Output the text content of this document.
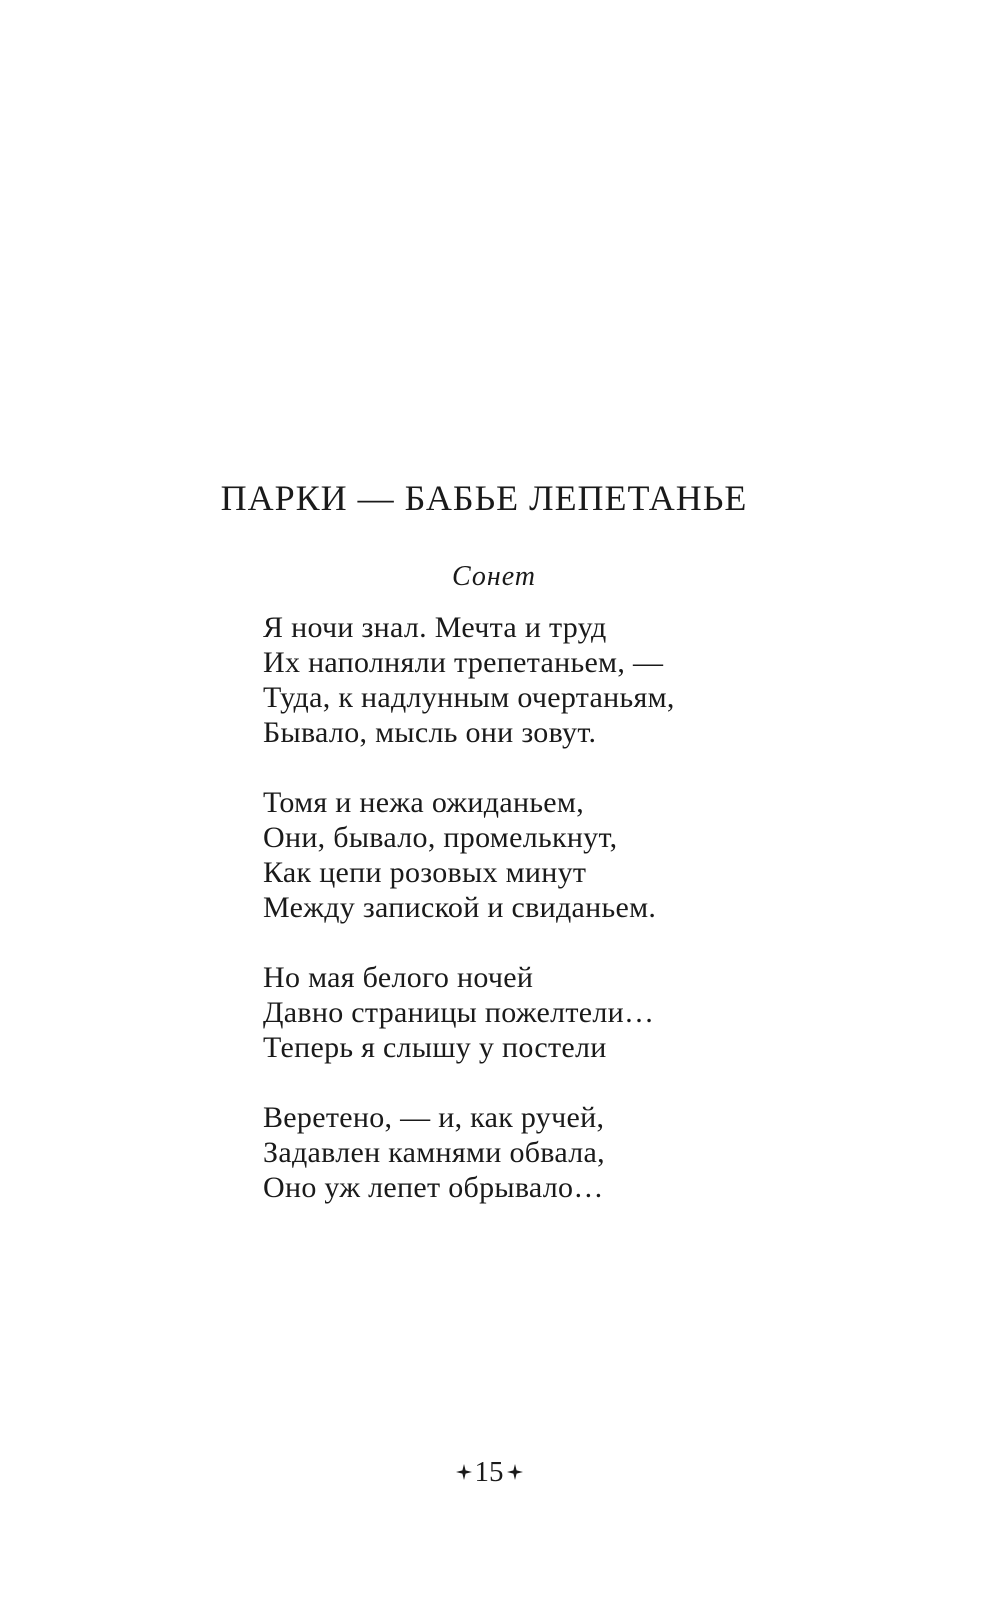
ПАРКИ — БАБЬЕ ЛЕПЕТАНЬЕ
Сонет
Я ночи знал. Мечта и труд
Их наполняли трепетаньем, —
Туда, к надлунным очертаньям,
Бывало, мысль они зовут.
Томя и нежа ожиданьем,
Они, бывало, промелькнут,
Как цепи розовых минут
Между запиской и свиданьем.
Но мая белого ночей
Давно страницы пожелтели…
Теперь я слышу у постели
Веретено, — и, как ручей,
Задавлен камнями обвала,
Оно уж лепет обрывало…
15
